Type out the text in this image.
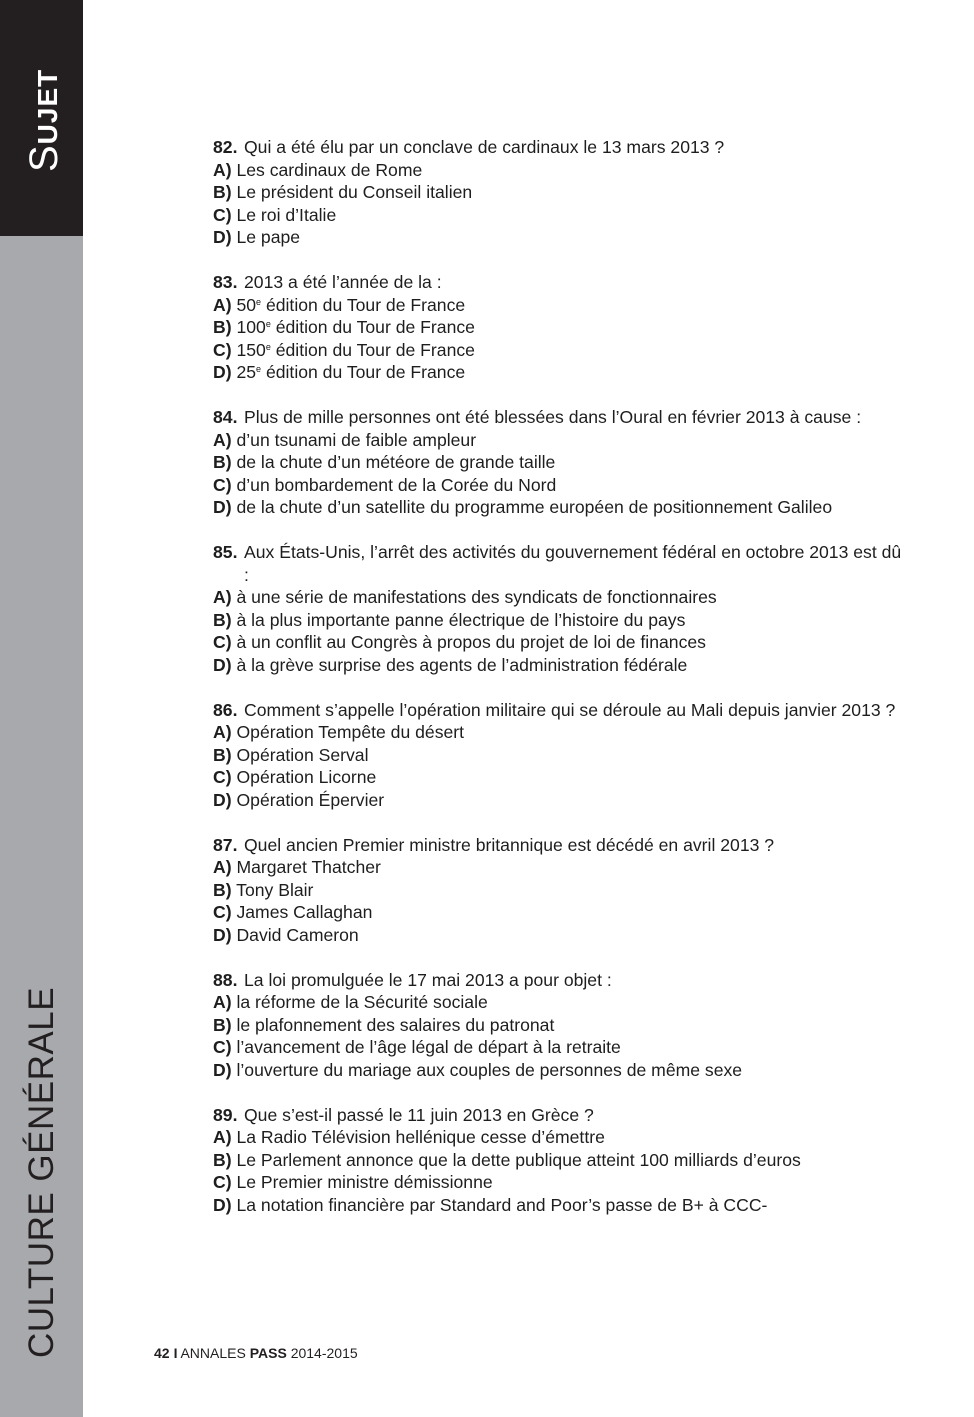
SUJET
CULTURE GÉNÉRALE
82. Qui a été élu par un conclave de cardinaux le 13 mars 2013 ?
A) Les cardinaux de Rome
B) Le président du Conseil italien
C) Le roi d’Italie
D) Le pape
83. 2013 a été l’année de la :
A) 50e édition du Tour de France
B) 100e édition du Tour de France
C) 150e édition du Tour de France
D) 25e édition du Tour de France
84. Plus de mille personnes ont été blessées dans l’Oural en février 2013 à cause :
A) d’un tsunami de faible ampleur
B) de la chute d’un météore de grande taille
C) d’un bombardement de la Corée du Nord
D) de la chute d’un satellite du programme européen de positionnement Galileo
85. Aux États-Unis, l’arrêt des activités du gouvernement fédéral en octobre 2013 est dû :
A) à une série de manifestations des syndicats de fonctionnaires
B) à la plus importante panne électrique de l’histoire du pays
C) à un conflit au Congrès à propos du projet de loi de finances
D) à la grève surprise des agents de l’administration fédérale
86. Comment s’appelle l’opération militaire qui se déroule au Mali depuis janvier 2013 ?
A) Opération Tempête du désert
B) Opération Serval
C) Opération Licorne
D) Opération Épervier
87. Quel ancien Premier ministre britannique est décédé en avril 2013 ?
A) Margaret Thatcher
B) Tony Blair
C) James Callaghan
D) David Cameron
88. La loi promulguée le 17 mai 2013 a pour objet :
A) la réforme de la Sécurité sociale
B) le plafonnement des salaires du patronat
C) l’avancement de l’âge légal de départ à la retraite
D) l’ouverture du mariage aux couples de personnes de même sexe
89. Que s’est-il passé le 11 juin 2013 en Grèce ?
A) La Radio Télévision hellénique cesse d’émettre
B) Le Parlement annonce que la dette publique atteint 100 milliards d’euros
C) Le Premier ministre démissionne
D) La notation financière par Standard and Poor’s passe de B+ à CCC-
42 I ANNALES PASS 2014-2015
